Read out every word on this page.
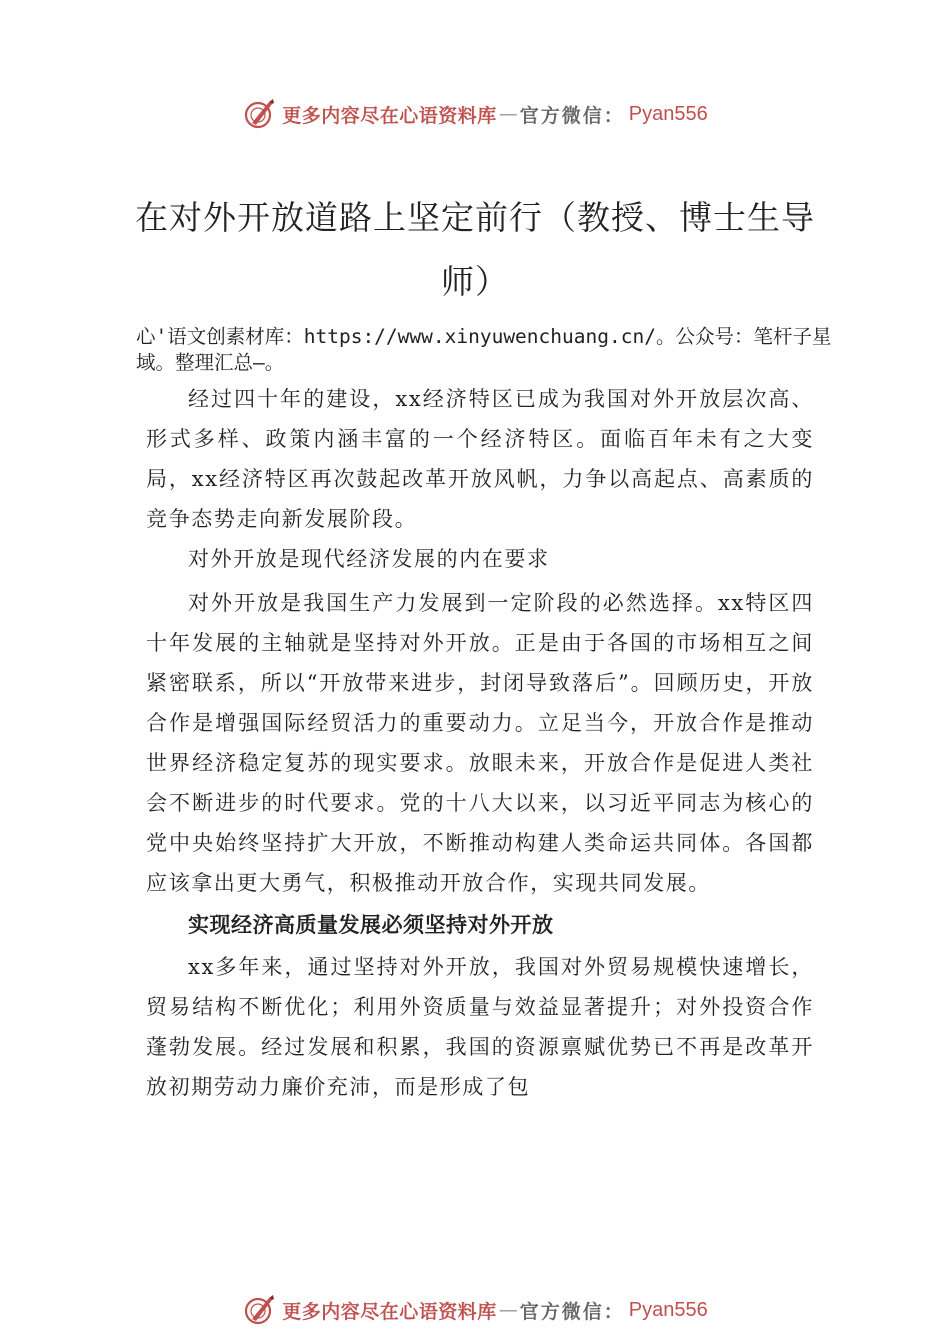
更多内容尽在心语资料库 — 官方微信： Pyan556
在对外开放道路上坚定前行（教授、博士生导师）

心'语文创素材库：https://www.xinyuwenchuang.cn/。公众号：笔杆子星域。整理汇总—。

经过四十年的建设，xx经济特区已成为我国对外开放层次高、形式多样、政策内涵丰富的一个经济特区。面临百年未有之大变局，xx经济特区再次鼓起改革开放风帆，力争以高起点、高素质的竞争态势走向新发展阶段。

对外开放是现代经济发展的内在要求

对外开放是我国生产力发展到一定阶段的必然选择。xx特区四十年发展的主轴就是坚持对外开放。正是由于各国的市场相互之间紧密联系，所以“开放带来进步，封闭导致落后”。回顾历史，开放合作是增强国际经贸活力的重要动力。立足当今，开放合作是推动世界经济稳定复苏的现实要求。放眼未来，开放合作是促进人类社会不断进步的时代要求。党的十八大以来，以习近平同志为核心的党中央始终坚持扩大开放，不断推动构建人类命运共同体。各国都应该拿出更大勇气，积极推动开放合作，实现共同发展。

实现经济高质量发展必须坚持对外开放

xx多年来，通过坚持对外开放，我国对外贸易规模快速增长，贸易结构不断优化；利用外资质量与效益显著提升；对外投资合作蓬勃发展。经过发展和积累，我国的资源禀赋优势已不再是改革开放初期劳动力廉价充沛，而是形成了包

更多内容尽在心语资料库 — 官方微信： Pyan556
